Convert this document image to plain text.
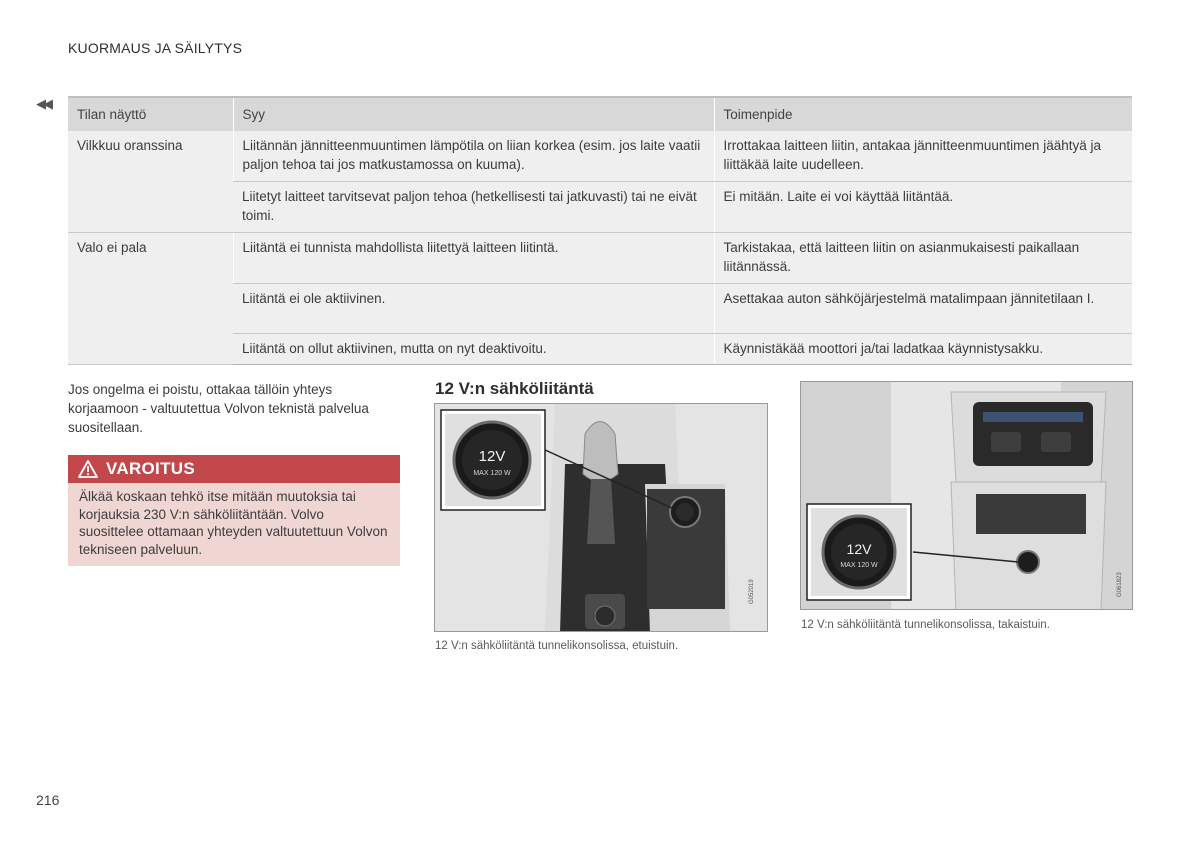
KUORMAUS JA SÄILYTYS
◀◀
Tilan näyttö	Syy	Toimenpide
Vilkkuu oranssina	Liitännän jännitteenmuuntimen lämpötila on liian korkea (esim. jos laite vaatii paljon tehoa tai jos matkustamossa on kuuma).	Irrottakaa laitteen liitin, antakaa jännitteenmuuntimen jäähtyä ja liittäkää laite uudelleen.
	Liitetyt laitteet tarvitsevat paljon tehoa (hetkellisesti tai jatkuvasti) tai ne eivät toimi.	Ei mitään. Laite ei voi käyttää liitäntää.
Valo ei pala	Liitäntä ei tunnista mahdollista liitettyä laitteen liitintä.	Tarkistakaa, että laitteen liitin on asianmukaisesti paikallaan liitännässä.
	Liitäntä ei ole aktiivinen.	Asettakaa auton sähköjärjestelmä matalimpaan jännitetilaan I.
	Liitäntä on ollut aktiivinen, mutta on nyt deaktivoitu.	Käynnistäkää moottori ja/tai ladatkaa käynnistysakku.
Jos ongelma ei poistu, ottakaa tällöin yhteys korjaamoon - valtuutettua Volvon teknistä palvelua suositellaan.
VAROITUS
Älkää koskaan tehkö itse mitään muutoksia tai korjauksia 230 V:n sähköliitäntään. Volvo suosittelee ottamaan yhteyden valtuutettuun Volvon tekniseen palveluun.
12 V:n sähköliitäntä
12V
MAX 120 W
G052019
12 V:n sähköliitäntä tunnelikonsolissa, etuistuin.
12V
MAX 120 W
G061823
12 V:n sähköliitäntä tunnelikonsolissa, takaistuin.
216
